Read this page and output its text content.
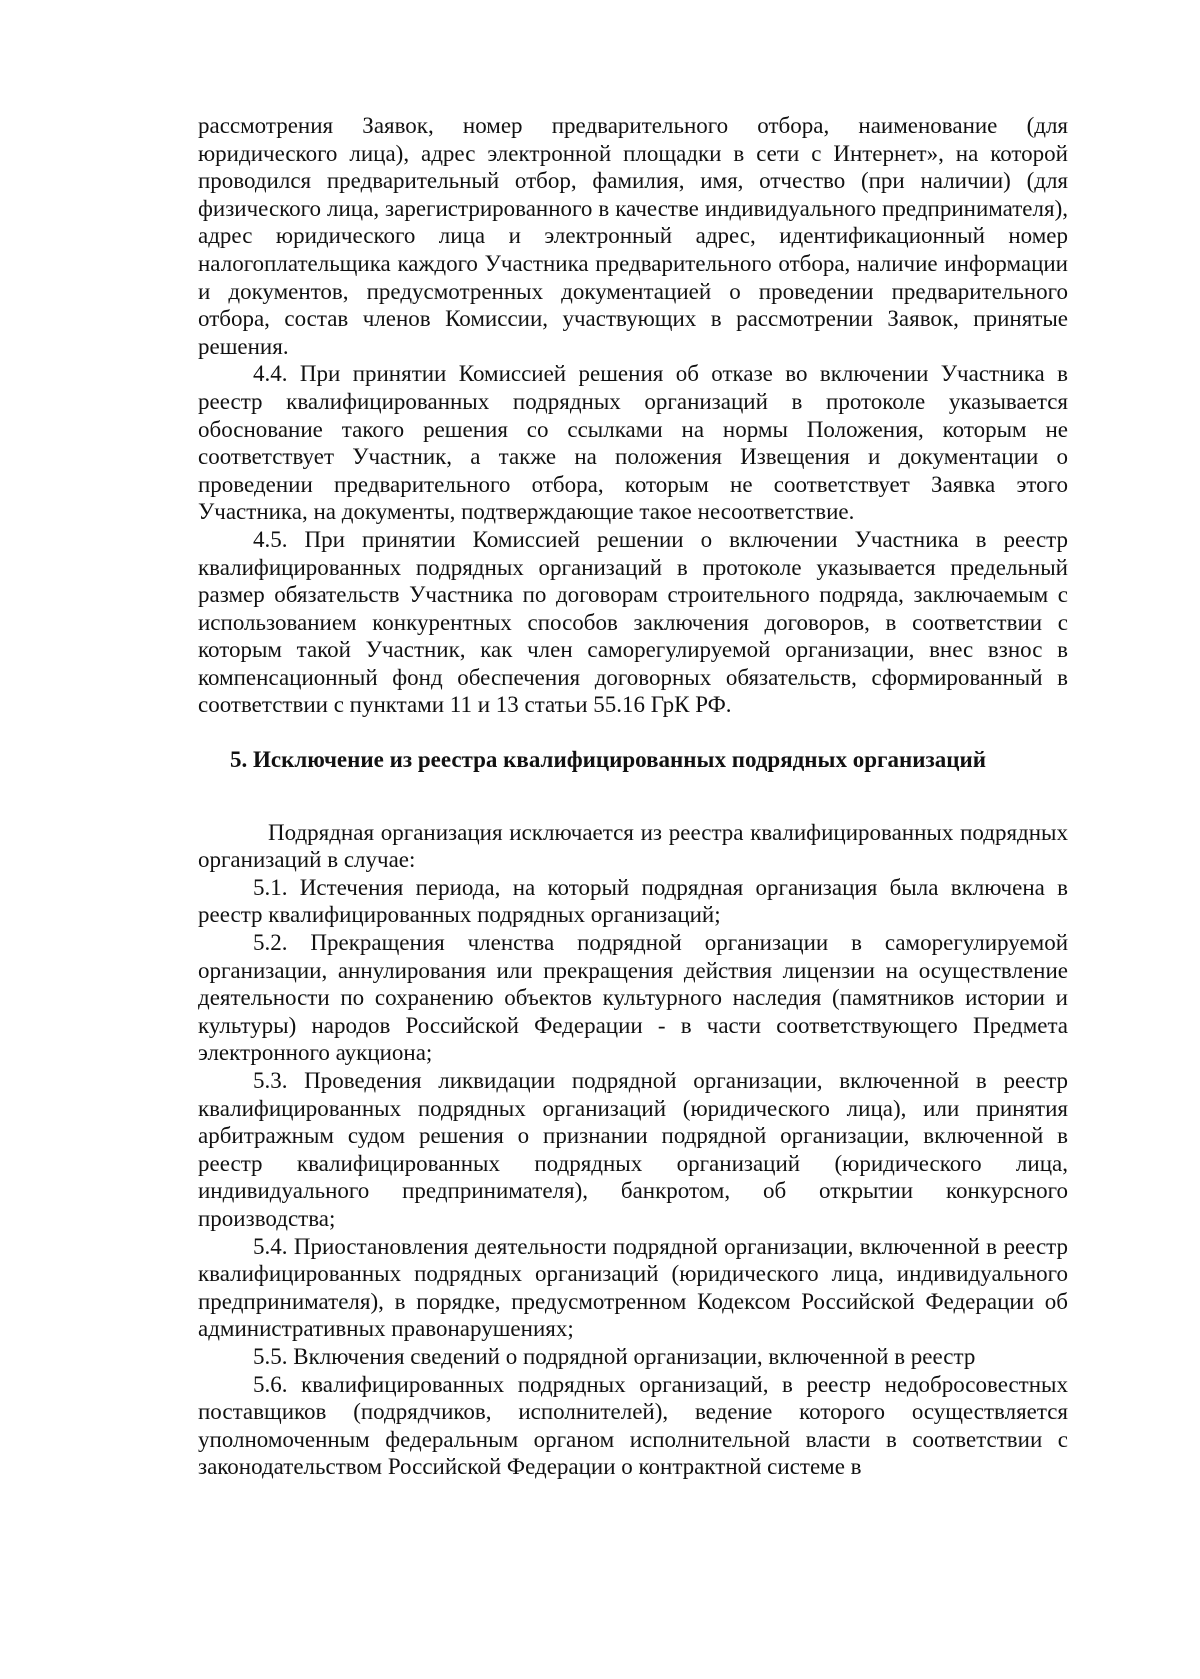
рассмотрения Заявок, номер предварительного отбора, наименование (для юридического лица), адрес электронной площадки в сети с Интернет», на которой проводился предварительный отбор, фамилия, имя, отчество (при наличии) (для физического лица, зарегистрированного в качестве индивидуального предпринимателя), адрес юридического лица и электронный адрес, идентификационный номер налогоплательщика каждого Участника предварительного отбора, наличие информации и документов, предусмотренных документацией о проведении предварительного отбора, состав членов Комиссии, участвующих в рассмотрении Заявок, принятые решения.

4.4. При принятии Комиссией решения об отказе во включении Участника в реестр квалифицированных подрядных организаций в протоколе указывается обоснование такого решения со ссылками на нормы Положения, которым не соответствует Участник, а также на положения Извещения и документации о проведении предварительного отбора, которым не соответствует Заявка этого Участника, на документы, подтверждающие такое несоответствие.

4.5. При принятии Комиссией решении о включении Участника в реестр квалифицированных подрядных организаций в протоколе указывается предельный размер обязательств Участника по договорам строительного подряда, заключаемым с использованием конкурентных способов заключения договоров, в соответствии с которым такой Участник, как член саморегулируемой организации, внес взнос в компенсационный фонд обеспечения договорных обязательств, сформированный в соответствии с пунктами 11 и 13 статьи 55.16 ГрК РФ.

5. Исключение из реестра квалифицированных подрядных организаций

Подрядная организация исключается из реестра квалифицированных подрядных организаций в случае:

5.1. Истечения периода, на который подрядная организация была включена в реестр квалифицированных подрядных организаций;

5.2. Прекращения членства подрядной организации в саморегулируемой организации, аннулирования или прекращения действия лицензии на осуществление деятельности по сохранению объектов культурного наследия (памятников истории и культуры) народов Российской Федерации - в части соответствующего Предмета электронного аукциона;

5.3. Проведения ликвидации подрядной организации, включенной в реестр квалифицированных подрядных организаций (юридического лица), или принятия арбитражным судом решения о признании подрядной организации, включенной в реестр квалифицированных подрядных организаций (юридического лица, индивидуального предпринимателя), банкротом, об открытии конкурсного производства;

5.4. Приостановления деятельности подрядной организации, включенной в реестр квалифицированных подрядных организаций (юридического лица, индивидуального предпринимателя), в порядке, предусмотренном Кодексом Российской Федерации об административных правонарушениях;

5.5. Включения сведений о подрядной организации, включенной в реестр

5.6. квалифицированных подрядных организаций, в реестр недобросовестных поставщиков (подрядчиков, исполнителей), ведение которого осуществляется уполномоченным федеральным органом исполнительной власти в соответствии с законодательством Российской Федерации о контрактной системе в
